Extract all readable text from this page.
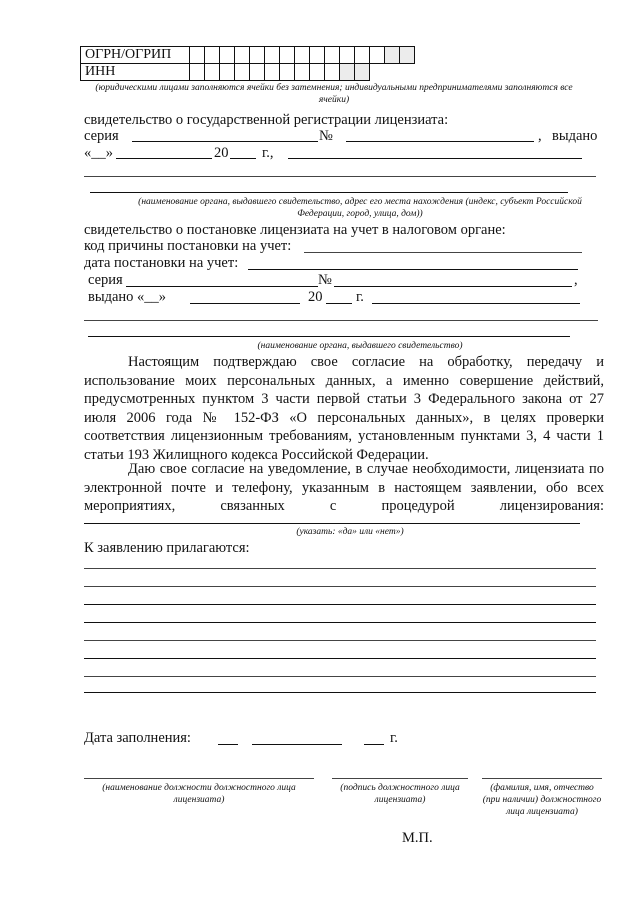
ОГРН/ОГРИП																
ИНН																
(юридическими лицами заполняются ячейки без затемнения; индивидуальными предпринимателями заполняются все ячейки)
свидетельство о государственной регистрации лицензиата:
серия	№	, выдано
«__»	20 г.,
(наименование органа, выдавшего свидетельство, адрес его места нахождения (индекс, субъект Российской Федерации, город, улица, дом))
свидетельство о постановке лицензиата на учет в налоговом органе:
код причины постановки на учет:
дата постановки на учет:
серия	№	,
выдано «__»	20 г.
(наименование органа, выдавшего свидетельство)
Настоящим подтверждаю свое согласие на обработку, передачу и использование моих персональных данных, а именно совершение действий, предусмотренных пунктом 3 части первой статьи 3 Федерального закона от 27 июля 2006 года № 152-ФЗ «О персональных данных», в целях проверки соответствия лицензионным требованиям, установленным пунктами 3, 4 части 1 статьи 193 Жилищного кодекса Российской Федерации.
Даю свое согласие на уведомление, в случае необходимости, лицензиата по электронной почте и телефону, указанным в настоящем заявлении, обо всех мероприятиях, связанных с процедурой лицензирования:
(указать: «да» или «нет»)
К заявлению прилагаются:
Дата заполнения:	г.
(наименование должности должностного лица лицензиата)
(подпись должностного лица лицензиата)
(фамилия, имя, отчество (при наличии) должностного лица лицензиата)
М.П.
